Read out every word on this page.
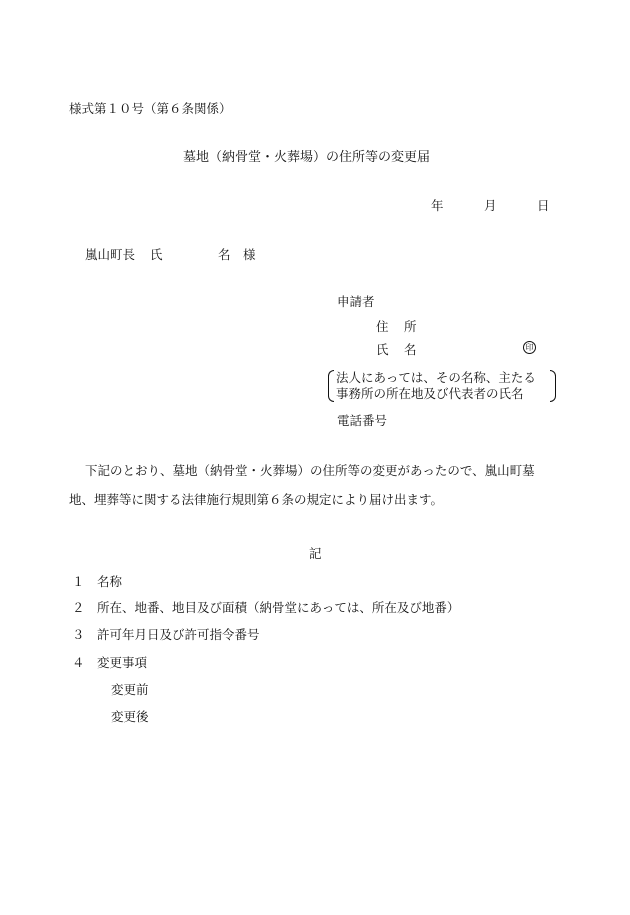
様式第１０号（第６条関係）
墓地（納骨堂・火葬場）の住所等の変更届
年	月	日
嵐山町長 氏	名 様
申請者
住 所
氏 名	印
法人にあっては、その名称、主たる
事務所の所在地及び代表者の氏名
電話番号
下記のとおり、墓地（納骨堂・火葬場）の住所等の変更があったので、嵐山町墓
地、埋葬等に関する法律施行規則第６条の規定により届け出ます。
記
１ 名称
２ 所在、地番、地目及び面積（納骨堂にあっては、所在及び地番）
３ 許可年月日及び許可指令番号
４ 変更事項
変更前
変更後
